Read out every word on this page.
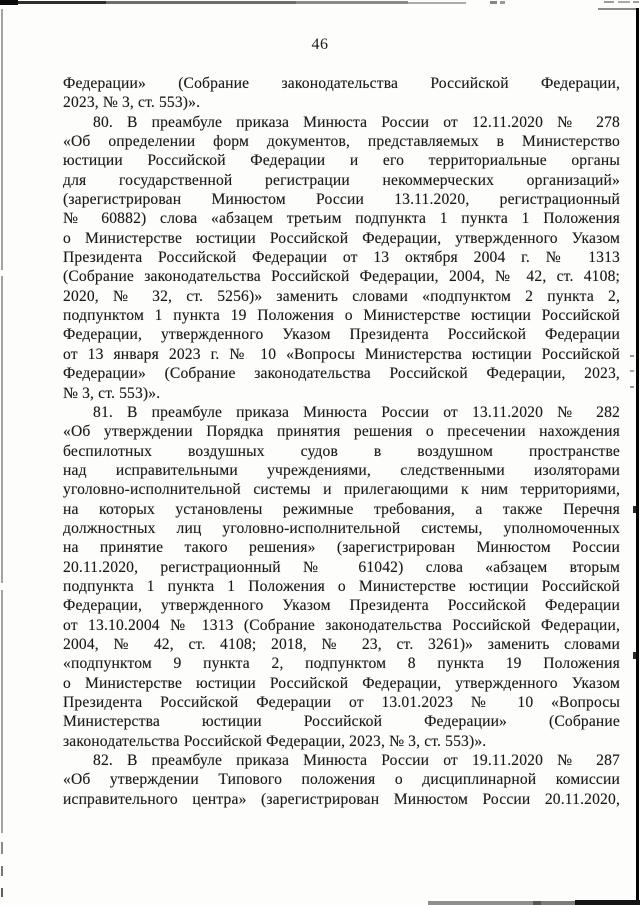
46
Федерации» (Собрание законодательства Российской Федерации,
2023, № 3, ст. 553)».
80. В преамбуле приказа Минюста России от 12.11.2020 № 278
«Об определении форм документов, представляемых в Министерство
юстиции Российской Федерации и его территориальные органы
для государственной регистрации некоммерческих организаций»
(зарегистрирован Минюстом России 13.11.2020, регистрационный
№ 60882) слова «абзацем третьим подпункта 1 пункта 1 Положения
о Министерстве юстиции Российской Федерации, утвержденного Указом
Президента Российской Федерации от 13 октября 2004 г. № 1313
(Собрание законодательства Российской Федерации, 2004, № 42, ст. 4108;
2020, № 32, ст. 5256)» заменить словами «подпунктом 2 пункта 2,
подпунктом 1 пункта 19 Положения о Министерстве юстиции Российской
Федерации, утвержденного Указом Президента Российской Федерации
от 13 января 2023 г. № 10 «Вопросы Министерства юстиции Российской
Федерации» (Собрание законодательства Российской Федерации, 2023,
№ 3, ст. 553)».
81. В преамбуле приказа Минюста России от 13.11.2020 № 282
«Об утверждении Порядка принятия решения о пресечении нахождения
беспилотных воздушных судов в воздушном пространстве
над исправительными учреждениями, следственными изоляторами
уголовно-исполнительной системы и прилегающими к ним территориями,
на которых установлены режимные требования, а также Перечня
должностных лиц уголовно-исполнительной системы, уполномоченных
на принятие такого решения» (зарегистрирован Минюстом России
20.11.2020, регистрационный № 61042) слова «абзацем вторым
подпункта 1 пункта 1 Положения о Министерстве юстиции Российской
Федерации, утвержденного Указом Президента Российской Федерации
от 13.10.2004 № 1313 (Собрание законодательства Российской Федерации,
2004, № 42, ст. 4108; 2018, № 23, ст. 3261)» заменить словами
«подпунктом 9 пункта 2, подпунктом 8 пункта 19 Положения
о Министерстве юстиции Российской Федерации, утвержденного Указом
Президента Российской Федерации от 13.01.2023 № 10 «Вопросы
Министерства юстиции Российской Федерации» (Собрание
законодательства Российской Федерации, 2023, № 3, ст. 553)».
82. В преамбуле приказа Минюста России от 19.11.2020 № 287
«Об утверждении Типового положения о дисциплинарной комиссии
исправительного центра» (зарегистрирован Минюстом России 20.11.2020,
